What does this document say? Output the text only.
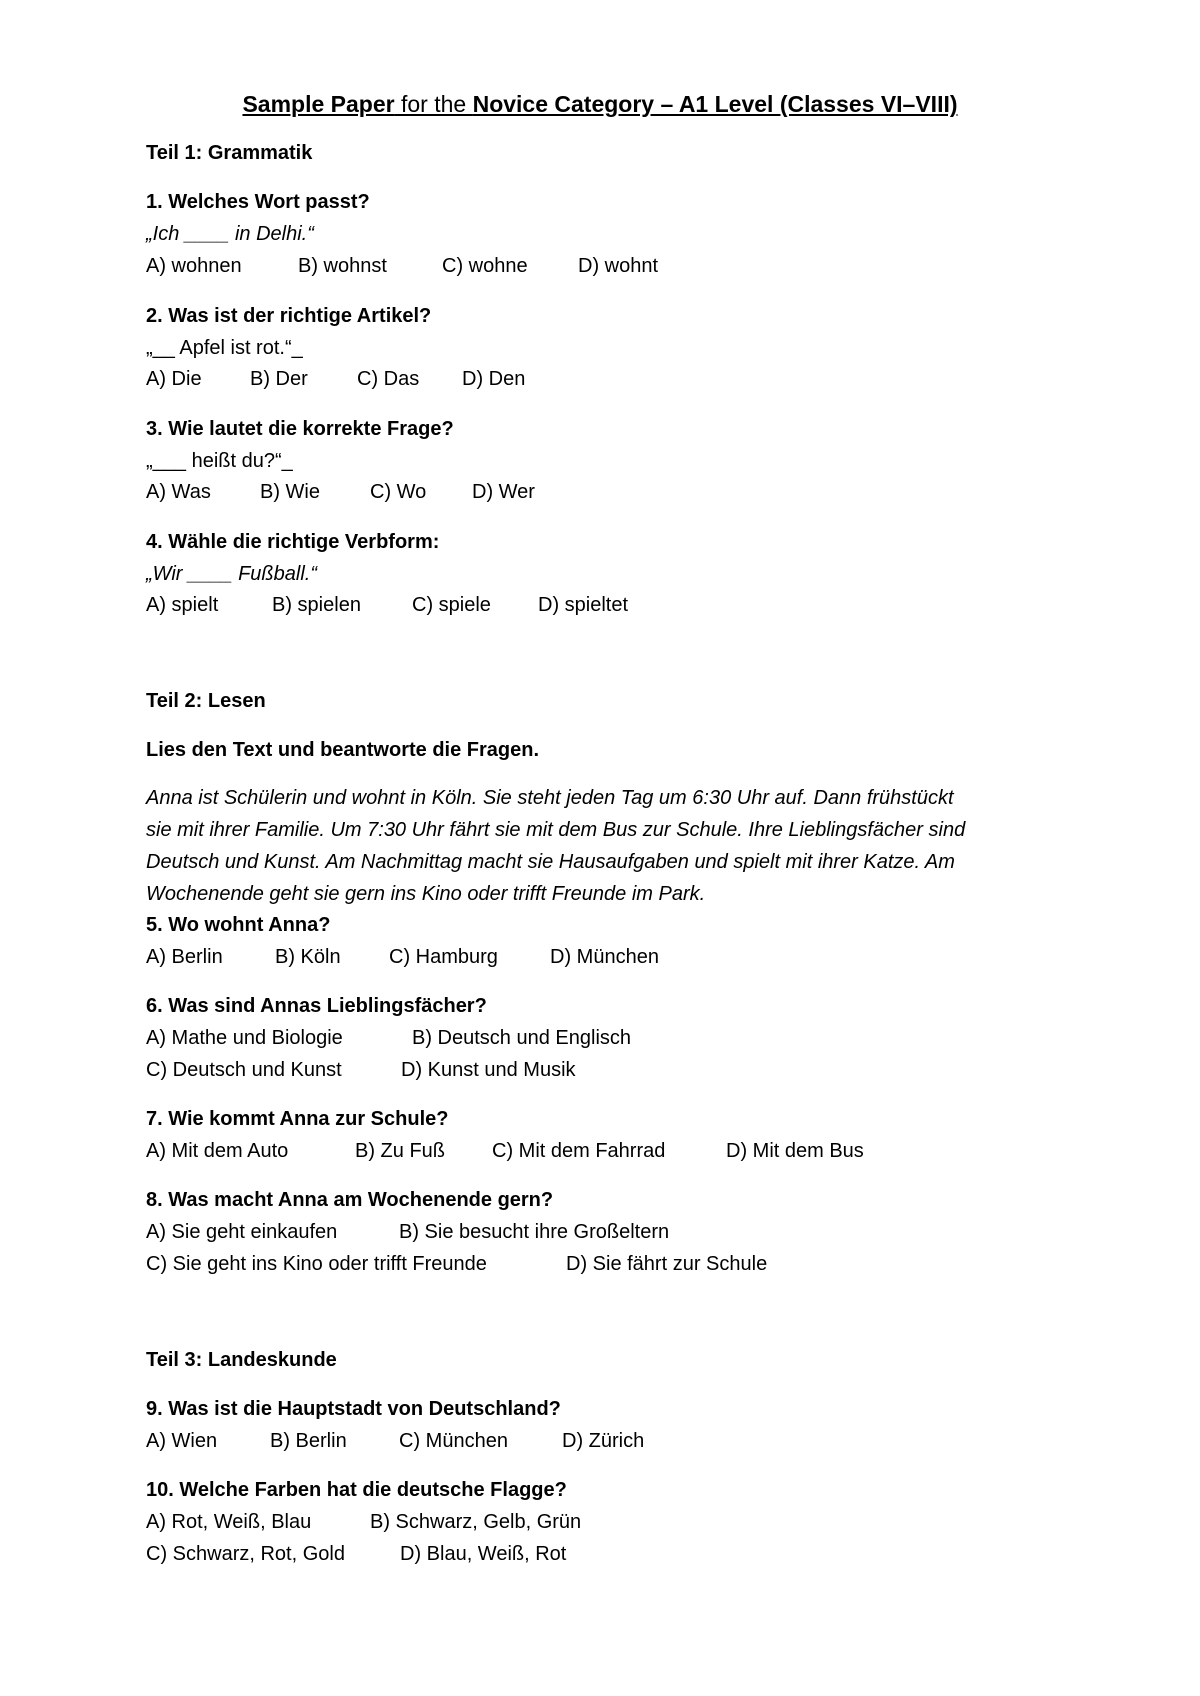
Sample Paper for the Novice Category – A1 Level (Classes VI–VIII)
Teil 1: Grammatik
1. Welches Wort passt?
„Ich ____ in Delhi.“
A) wohnen	B) wohnst	C) wohne	D) wohnt
2. Was ist der richtige Artikel?
„__ Apfel ist rot.“_
A) Die B) Der C) Das D) Den
3. Wie lautet die korrekte Frage?
„___ heißt du?“_
A) Was B) Wie	C) Wo D) Wer
4. Wähle die richtige Verbform:
„Wir ____ Fußball.“
A) spielt	B) spielen	C) spiele D) spieltet
Teil 2: Lesen
Lies den Text und beantworte die Fragen.
Anna ist Schülerin und wohnt in Köln. Sie steht jeden Tag um 6:30 Uhr auf. Dann frühstückt
sie mit ihrer Familie. Um 7:30 Uhr fährt sie mit dem Bus zur Schule. Ihre Lieblingsfächer sind
Deutsch und Kunst. Am Nachmittag macht sie Hausaufgaben und spielt mit ihrer Katze. Am
Wochenende geht sie gern ins Kino oder trifft Freunde im Park.
5. Wo wohnt Anna?
A) Berlin	B) Köln C) Hamburg	D) München
6. Was sind Annas Lieblingsfächer?
A) Mathe und Biologie	B) Deutsch und Englisch
C) Deutsch und Kunst	D) Kunst und Musik
7. Wie kommt Anna zur Schule?
A) Mit dem Auto	B) Zu Fuß C) Mit dem Fahrrad	D) Mit dem Bus
8. Was macht Anna am Wochenende gern?
A) Sie geht einkaufen	B) Sie besucht ihre Großeltern
C) Sie geht ins Kino oder trifft Freunde	D) Sie fährt zur Schule
Teil 3: Landeskunde
9. Was ist die Hauptstadt von Deutschland?
A) Wien	B) Berlin	C) München	D) Zürich
10. Welche Farben hat die deutsche Flagge?
A) Rot, Weiß, Blau	B) Schwarz, Gelb, Grün
C) Schwarz, Rot, Gold	D) Blau, Weiß, Rot
